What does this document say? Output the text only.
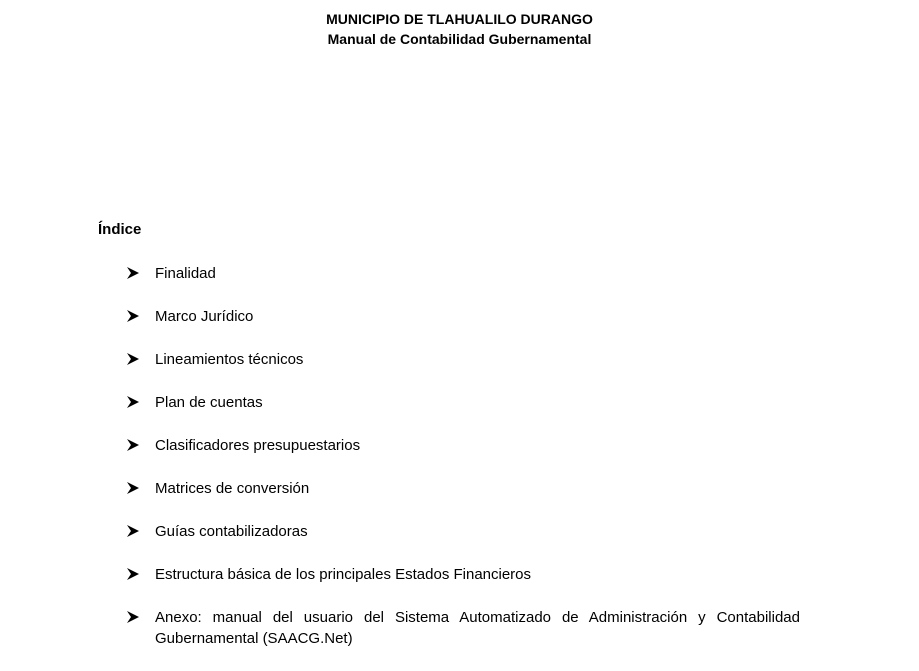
MUNICIPIO DE TLAHUALILO DURANGO
Manual de Contabilidad Gubernamental
Índice
Finalidad
Marco Jurídico
Lineamientos técnicos
Plan de cuentas
Clasificadores presupuestarios
Matrices de conversión
Guías contabilizadoras
Estructura básica de los principales Estados Financieros
Anexo: manual del usuario del Sistema Automatizado de Administración y Contabilidad Gubernamental (SAACG.Net)
